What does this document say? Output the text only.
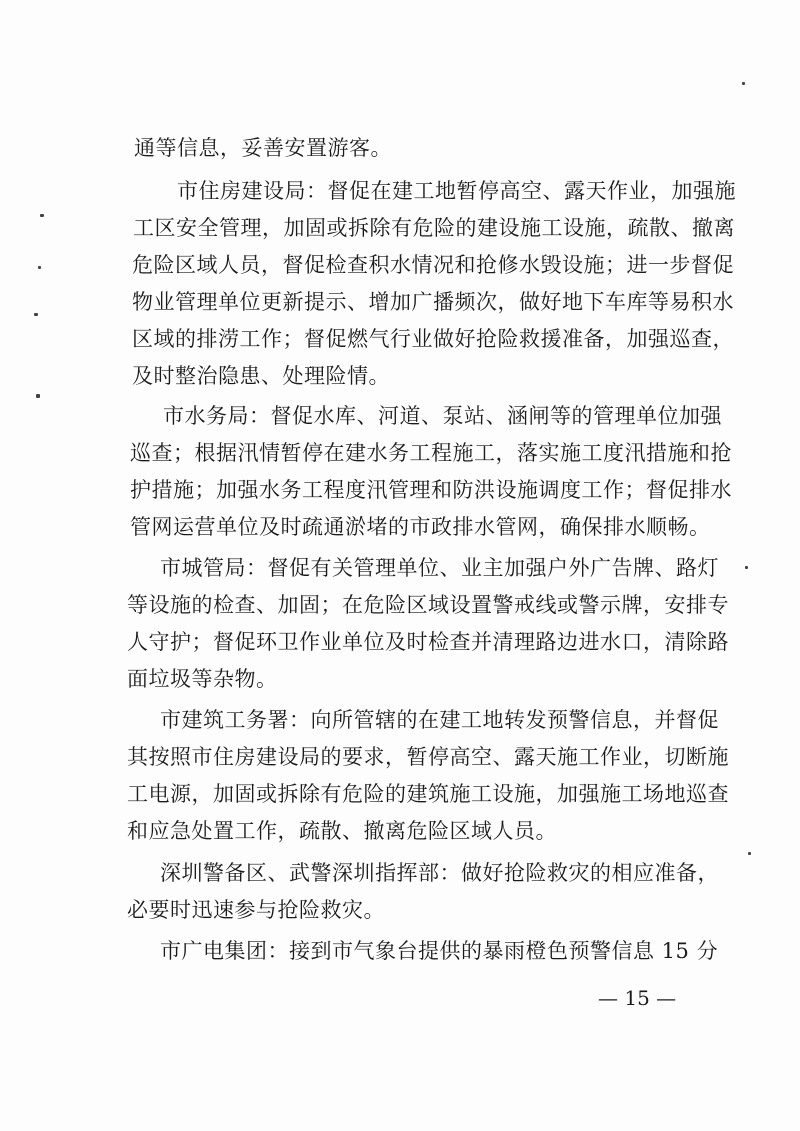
通等信息，妥善安置游客。
市住房建设局：督促在建工地暂停高空、露天作业，加强施
工区安全管理，加固或拆除有危险的建设施工设施，疏散、撤离
危险区域人员，督促检查积水情况和抢修水毁设施；进一步督促
物业管理单位更新提示、增加广播频次，做好地下车库等易积水
区域的排涝工作；督促燃气行业做好抢险救援准备，加强巡查，
及时整治隐患、处理险情。
市水务局：督促水库、河道、泵站、涵闸等的管理单位加强
巡查；根据汛情暂停在建水务工程施工，落实施工度汛措施和抢
护措施；加强水务工程度汛管理和防洪设施调度工作；督促排水
管网运营单位及时疏通淤堵的市政排水管网，确保排水顺畅。
市城管局：督促有关管理单位、业主加强户外广告牌、路灯
等设施的检查、加固；在危险区域设置警戒线或警示牌，安排专
人守护；督促环卫作业单位及时检查并清理路边进水口，清除路
面垃圾等杂物。
市建筑工务署：向所管辖的在建工地转发预警信息，并督促
其按照市住房建设局的要求，暂停高空、露天施工作业，切断施
工电源，加固或拆除有危险的建筑施工设施，加强施工场地巡查
和应急处置工作，疏散、撤离危险区域人员。
深圳警备区、武警深圳指挥部：做好抢险救灾的相应准备，
必要时迅速参与抢险救灾。
市广电集团：接到市气象台提供的暴雨橙色预警信息 15 分
— 15 —
